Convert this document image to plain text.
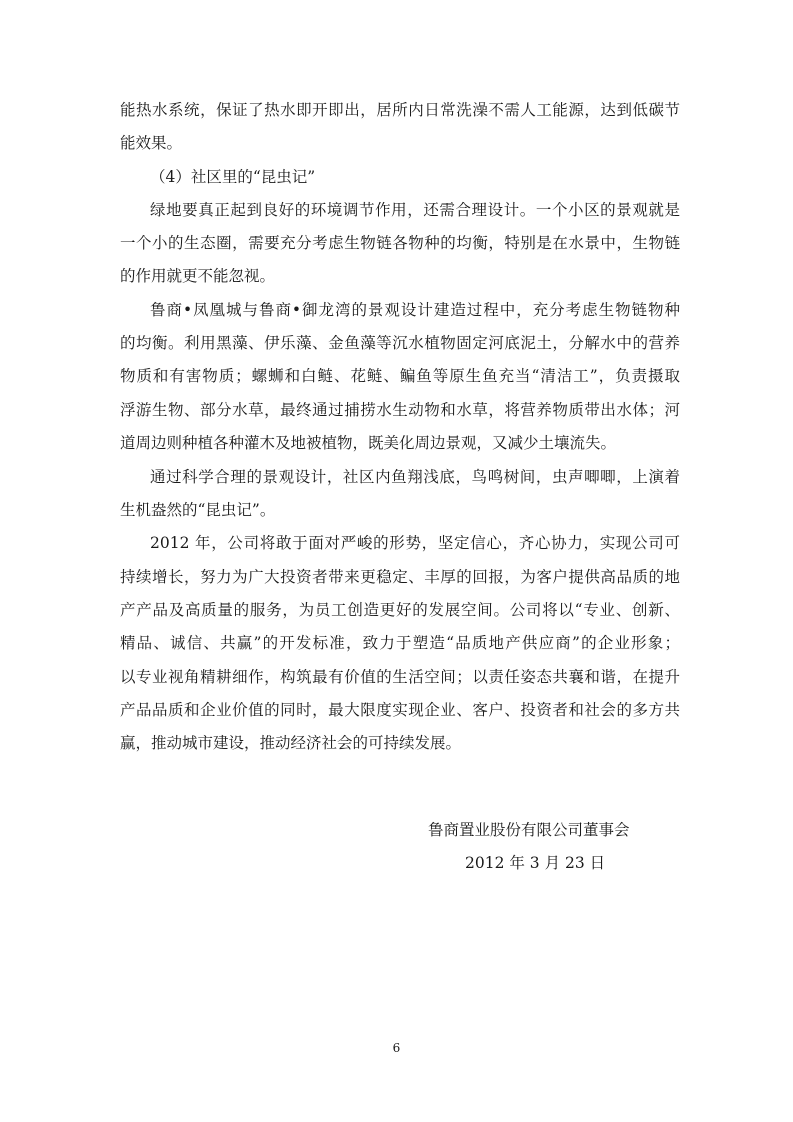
能热水系统，保证了热水即开即出，居所内日常洗澡不需人工能源，达到低碳节
能效果。
（4）社区里的“昆虫记”
绿地要真正起到良好的环境调节作用，还需合理设计。一个小区的景观就是
一个小的生态圈，需要充分考虑生物链各物种的均衡，特别是在水景中，生物链
的作用就更不能忽视。
鲁商•凤凰城与鲁商•御龙湾的景观设计建造过程中，充分考虑生物链物种
的均衡。利用黑藻、伊乐藻、金鱼藻等沉水植物固定河底泥土，分解水中的营养
物质和有害物质；螺蛳和白鲢、花鲢、鳊鱼等原生鱼充当“清洁工”，负责摄取
浮游生物、部分水草，最终通过捕捞水生动物和水草，将营养物质带出水体；河
道周边则种植各种灌木及地被植物，既美化周边景观，又减少土壤流失。
通过科学合理的景观设计，社区内鱼翔浅底，鸟鸣树间，虫声唧唧，上演着
生机盎然的“昆虫记”。
2012 年，公司将敢于面对严峻的形势，坚定信心，齐心协力，实现公司可
持续增长，努力为广大投资者带来更稳定、丰厚的回报，为客户提供高品质的地
产产品及高质量的服务，为员工创造更好的发展空间。公司将以“专业、创新、
精品、诚信、共赢”的开发标准，致力于塑造“品质地产供应商”的企业形象；
以专业视角精耕细作，构筑最有价值的生活空间；以责任姿态共襄和谐，在提升
产品品质和企业价值的同时，最大限度实现企业、客户、投资者和社会的多方共
赢，推动城市建设，推动经济社会的可持续发展。
鲁商置业股份有限公司董事会
2012 年 3 月 23 日
6
